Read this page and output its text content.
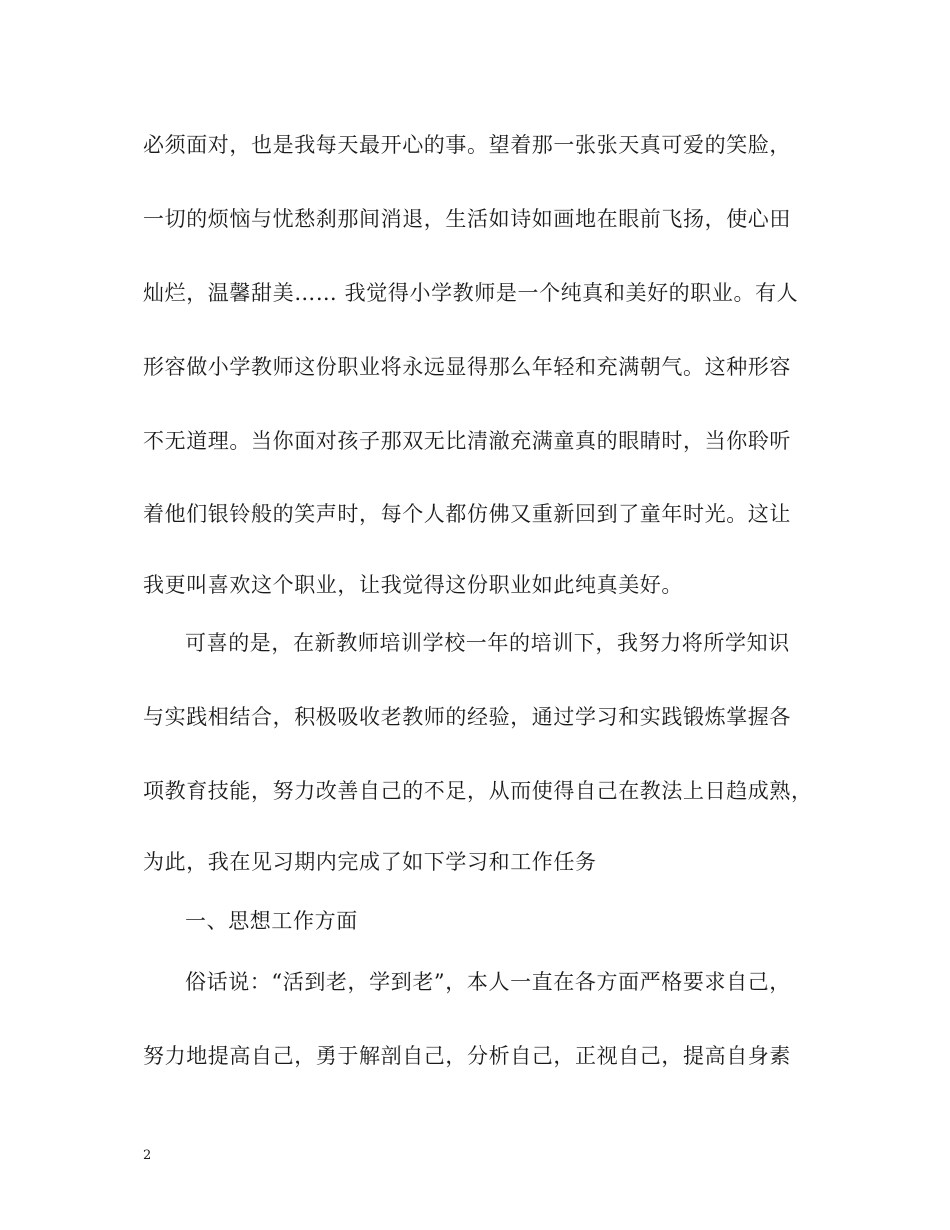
必须面对，也是我每天最开心的事。望着那一张张天真可爱的笑脸，
一切的烦恼与忧愁刹那间消退，生活如诗如画地在眼前飞扬，使心田
灿烂，温馨甜美…… 我觉得小学教师是一个纯真和美好的职业。有人
形容做小学教师这份职业将永远显得那么年轻和充满朝气。这种形容
不无道理。当你面对孩子那双无比清澈充满童真的眼睛时，当你聆听
着他们银铃般的笑声时，每个人都仿佛又重新回到了童年时光。这让
我更叫喜欢这个职业，让我觉得这份职业如此纯真美好。
可喜的是，在新教师培训学校一年的培训下，我努力将所学知识
与实践相结合，积极吸收老教师的经验，通过学习和实践锻炼掌握各
项教育技能，努力改善自己的不足，从而使得自己在教法上日趋成熟，
为此，我在见习期内完成了如下学习和工作任务
一、思想工作方面
俗话说：“活到老，学到老”，本人一直在各方面严格要求自己，
努力地提高自己，勇于解剖自己，分析自己，正视自己，提高自身素
2
